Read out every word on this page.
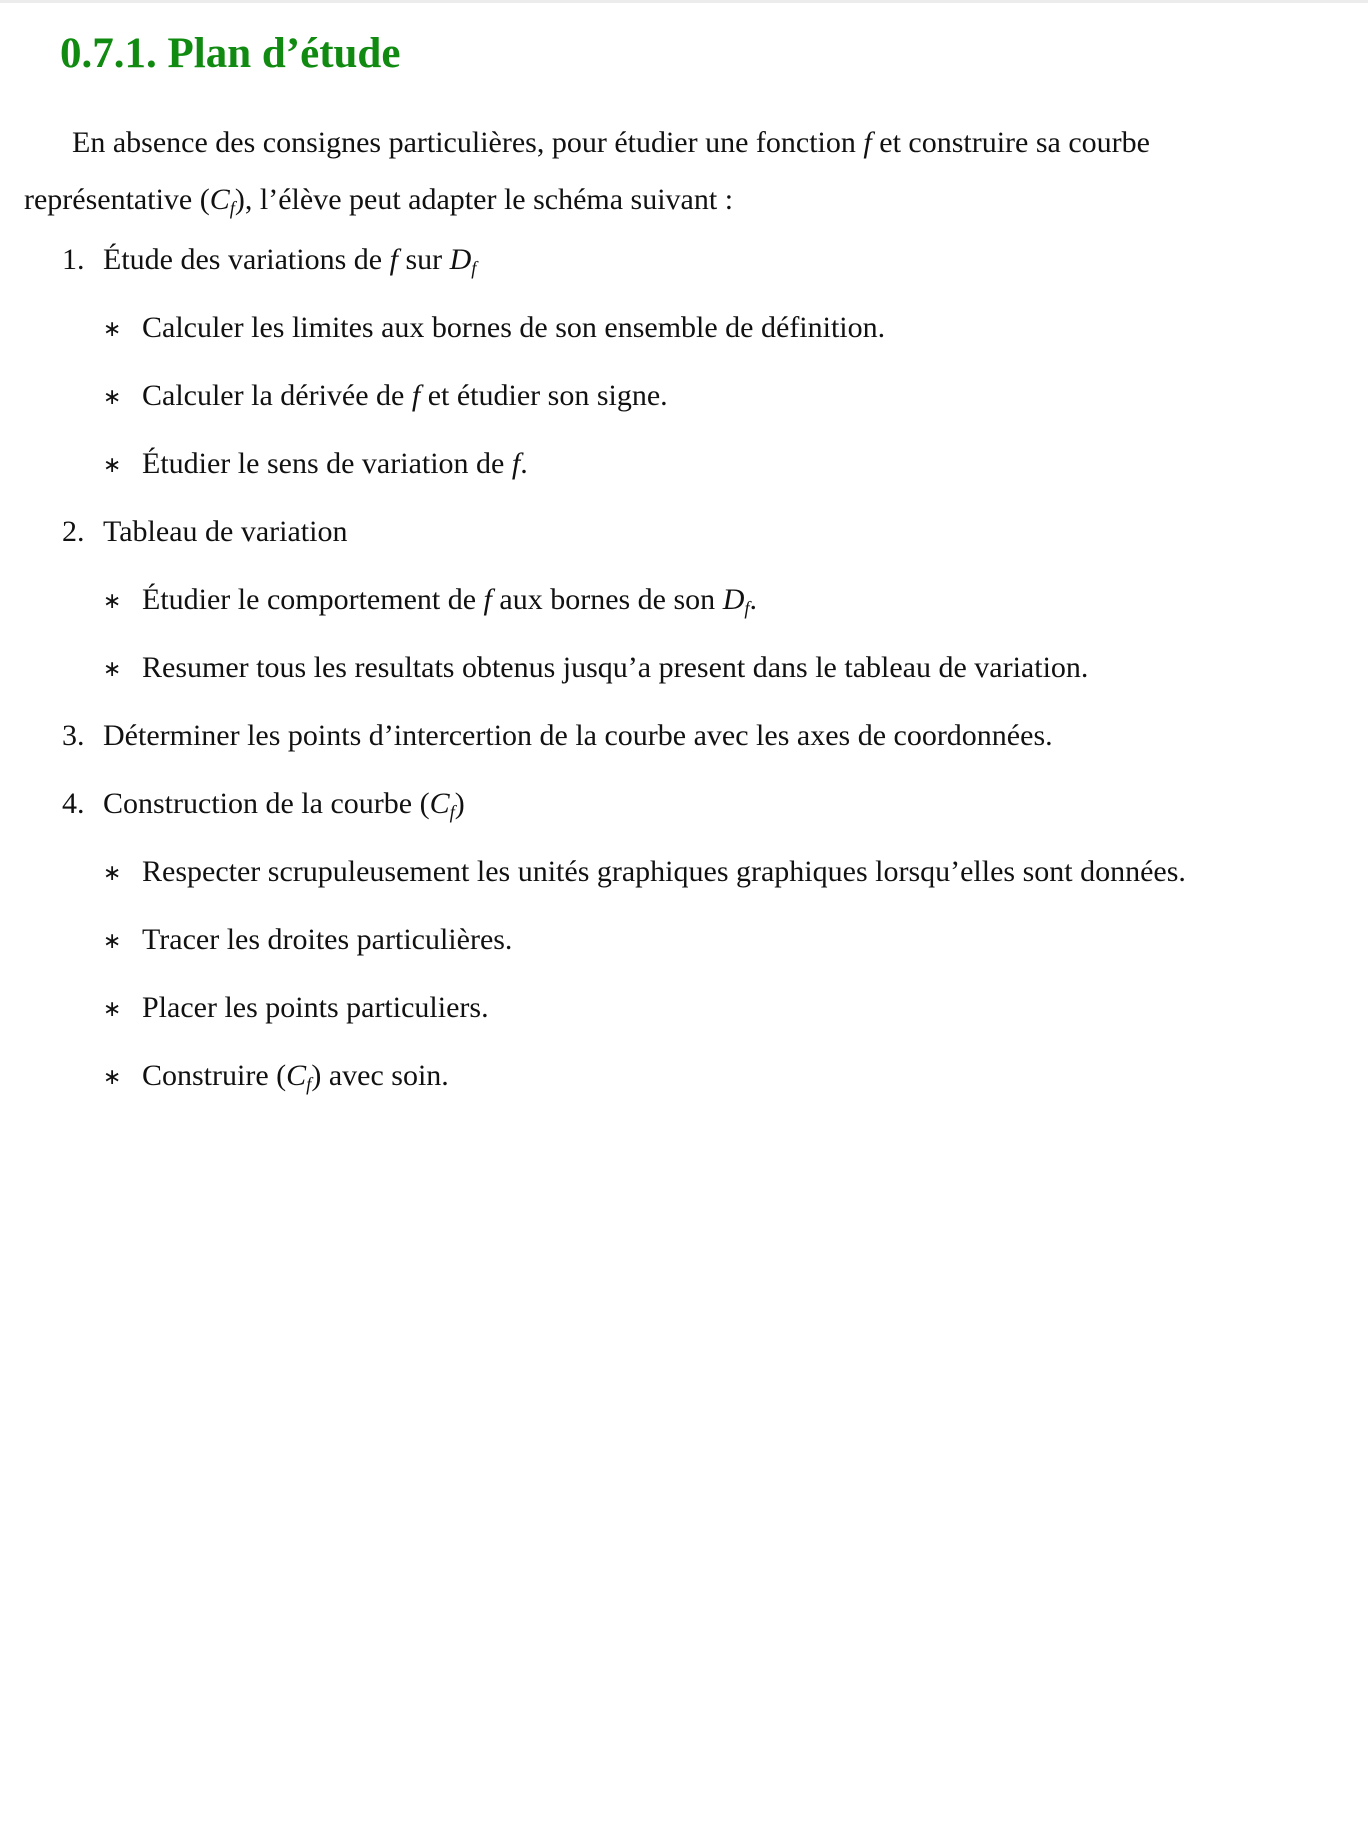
0.7.1. Plan d’étude
En absence des consignes particulières, pour étudier une fonction f et construire sa courbe
représentative $(C_f)$, l’élève peut adapter le schéma suivant :
1. Étude des variations de f sur $D_f$
∗ Calculer les limites aux bornes de son ensemble de définition.
∗ Calculer la dérivée de f et étudier son signe.
∗ Étudier le sens de variation de f.
2. Tableau de variation
∗ Étudier le comportement de f aux bornes de son $D_f$.
∗ Resumer tous les resultats obtenus jusqu’a present dans le tableau de variation.
3. Déterminer les points d’intercertion de la courbe avec les axes de coordonnées.
4. Construction de la courbe $(C_f)$
∗ Respecter scrupuleusement les unités graphiques graphiques lorsqu’elles sont données.
∗ Tracer les droites particulières.
∗ Placer les points particuliers.
∗ Construire $(C_f)$ avec soin.
